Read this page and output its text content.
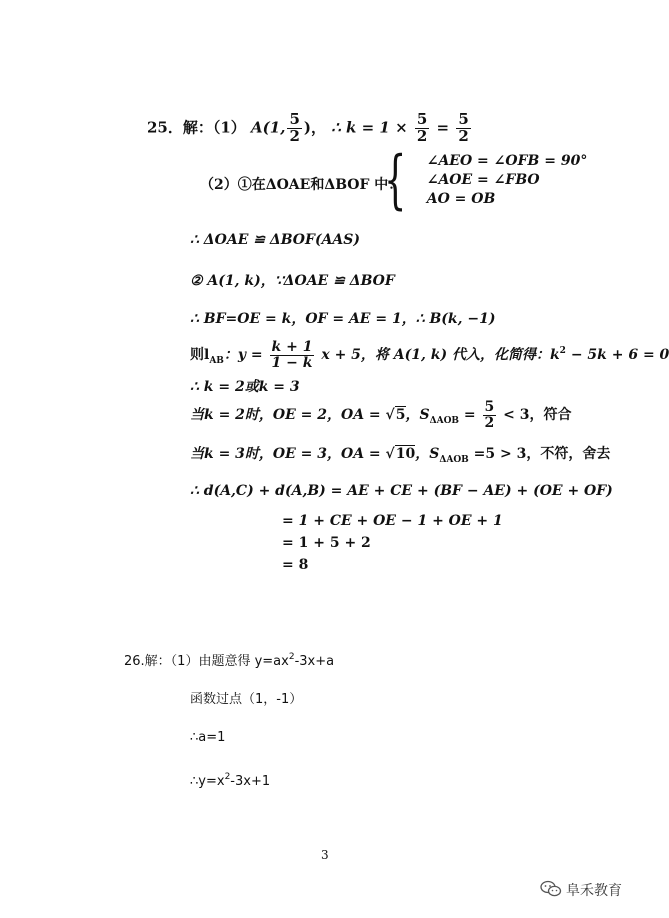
25．解：（1） A(1, $\frac{5}{2}$ )， ∴ $k = 1 \times \frac{5}{2} = \frac{5}{2}$
（2）①在ΔOAE和ΔBOF 中：
{ ∠AEO = ∠OFB = 90°
∠AOE = ∠FBO
AO = OB
∴ ΔOAE ≌ ΔBOF(AAS)
② A(1, k)，∵ΔOAE ≌ ΔBOF
∴ BF=OE = k，OF = AE = 1，∴ B(k, −1)
则$l_{AB}$：$y = \frac{k + 1}{1 - k}$ x + 5，将 A(1, k) 代入，化简得：$k^2 - 5k + 6 = 0$
∴ k = 2或k = 3
当k = 2时，OE = 2，OA = √5，$S_{\Delta AOB} = \frac{5}{2} < 3$，符合
当k = 3时，OE = 3，OA = √10，$S_{\Delta AOB} =5 > 3$，不符，舍去
∴ d(A,C) + d(A,B) = AE + CE + (BF − AE) + (OE + OF)
= 1 + CE + OE − 1 + OE + 1
= 1 + 5 + 2
= 8
26.解：（1）由题意得 $y=ax^2-3x+a$
函数过点（1，-1）
∴a=1
$\therefore y=x^2-3x+1$
3
阜禾教育
